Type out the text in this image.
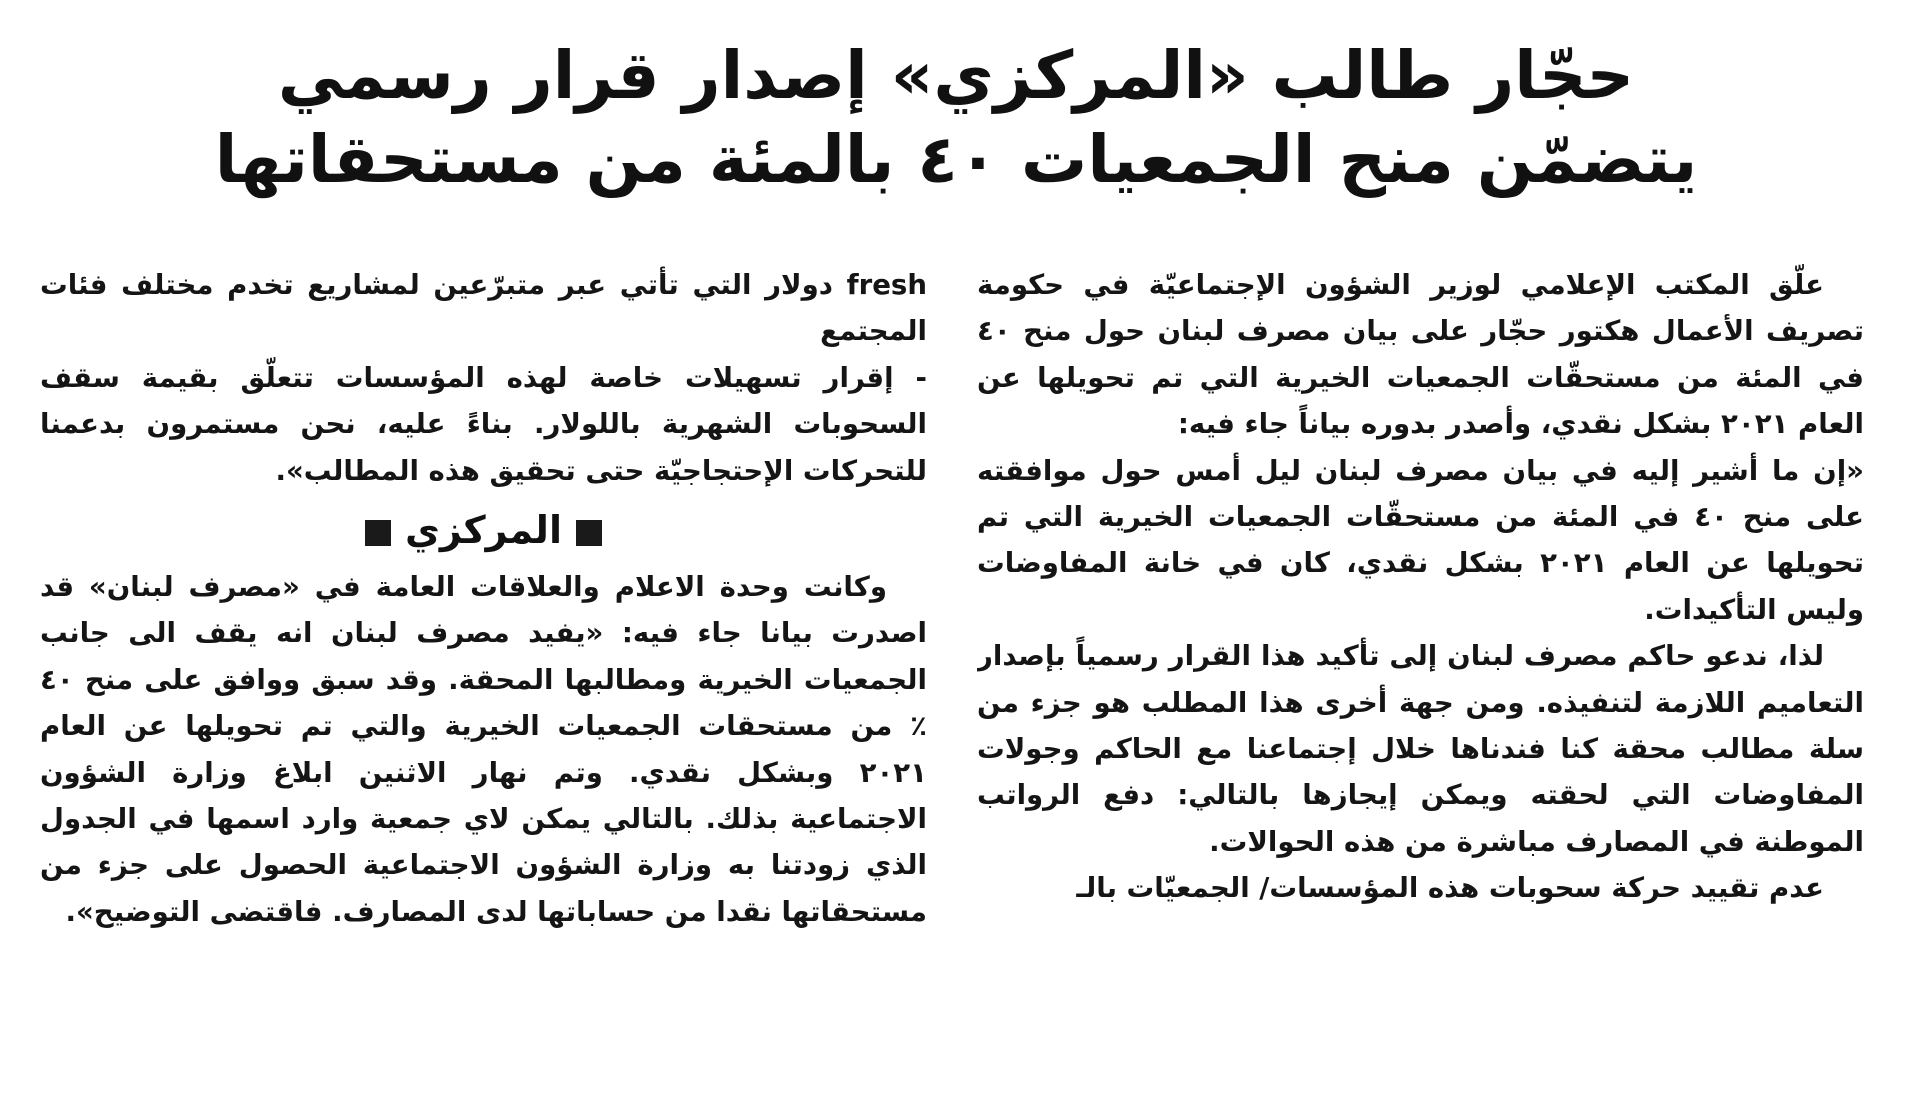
حجّار طالب «المركزي» إصدار قرار رسمي
يتضمّن منح الجمعيات ٤٠ بالمئة من مستحقاتها

علّق المكتب الإعلامي لوزير الشؤون الإجتماعيّة في حكومة تصريف الأعمال هكتور حجّار على بيان مصرف لبنان حول منح ٤٠ في المئة من مستحقّات الجمعيات الخيرية التي تم تحويلها عن العام ٢٠٢١ بشكل نقدي، وأصدر بدوره بياناً جاء فيه:

«إن ما أشير إليه في بيان مصرف لبنان ليل أمس حول موافقته على منح ٤٠ في المئة من مستحقّات الجمعيات الخيرية التي تم تحويلها عن العام ٢٠٢١ بشكل نقدي، كان في خانة المفاوضات وليس التأكيدات.

لذا، ندعو حاكم مصرف لبنان إلى تأكيد هذا القرار رسمياً بإصدار التعاميم اللازمة لتنفيذه. ومن جهة أخرى هذا المطلب هو جزء من سلة مطالب محقة كنا فندناها خلال إجتماعنا مع الحاكم وجولات المفاوضات التي لحقته ويمكن إيجازها بالتالي: دفع الرواتب الموطنة في المصارف مباشرة من هذه الحوالات.

عدم تقييد حركة سحوبات هذه المؤسسات/ الجمعيّات بالـ

fresh دولار التي تأتي عبر متبرّعين لمشاريع تخدم مختلف فئات المجتمع

- إقرار تسهيلات خاصة لهذه المؤسسات تتعلّق بقيمة سقف السحوبات الشهرية باللولار. بناءً عليه، نحن مستمرون بدعمنا للتحركات الإحتجاجيّة حتى تحقيق هذه المطالب».

المركزي

وكانت وحدة الاعلام والعلاقات العامة في «مصرف لبنان» قد اصدرت بيانا جاء فيه: «يفيد مصرف لبنان انه يقف الى جانب الجمعيات الخيرية ومطالبها المحقة. وقد سبق ووافق على منح ٤٠ ٪ من مستحقات الجمعيات الخيرية والتي تم تحويلها عن العام ٢٠٢١ وبشكل نقدي. وتم نهار الاثنين ابلاغ وزارة الشؤون الاجتماعية بذلك. بالتالي يمكن لاي جمعية وارد اسمها في الجدول الذي زودتنا به وزارة الشؤون الاجتماعية الحصول على جزء من مستحقاتها نقدا من حساباتها لدى المصارف. فاقتضى التوضيح».
